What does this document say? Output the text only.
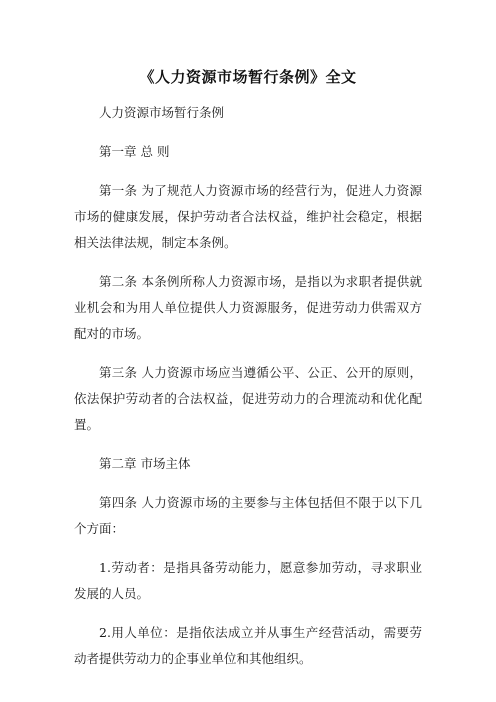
《人力资源市场暂行条例》全文

人力资源市场暂行条例

第一章 总 则

第一条 为了规范人力资源市场的经营行为，促进人力资源市场的健康发展，保护劳动者合法权益，维护社会稳定，根据相关法律法规，制定本条例。

第二条 本条例所称人力资源市场，是指以为求职者提供就业机会和为用人单位提供人力资源服务，促进劳动力供需双方配对的市场。

第三条 人力资源市场应当遵循公平、公正、公开的原则，依法保护劳动者的合法权益，促进劳动力的合理流动和优化配置。

第二章 市场主体

第四条 人力资源市场的主要参与主体包括但不限于以下几个方面：

1.劳动者：是指具备劳动能力，愿意参加劳动，寻求职业发展的人员。

2.用人单位：是指依法成立并从事生产经营活动，需要劳动者提供劳动力的企事业单位和其他组织。
